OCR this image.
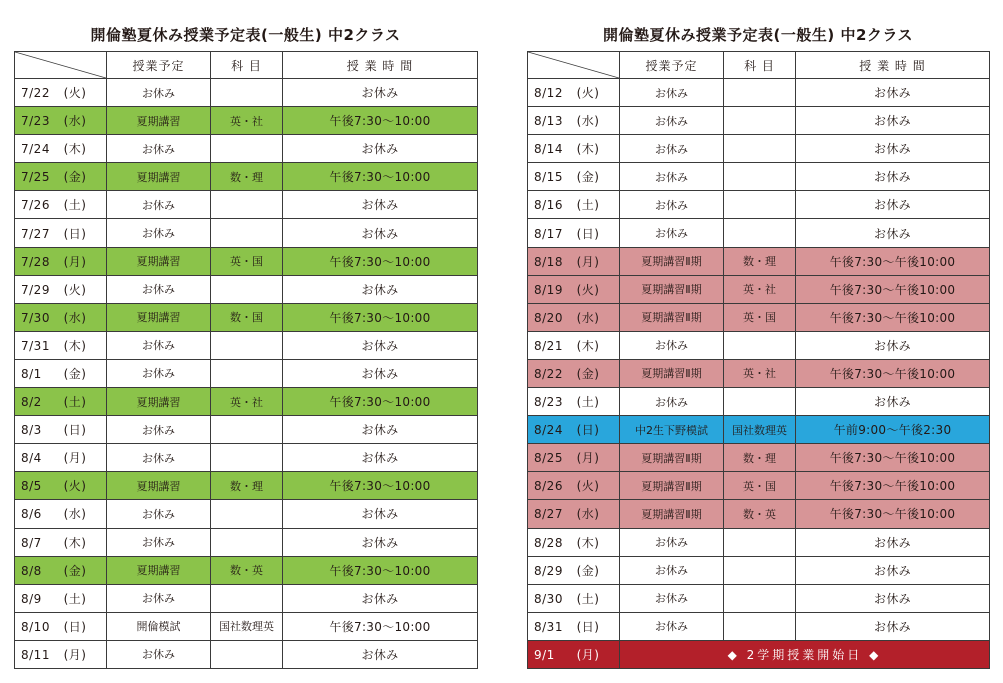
開倫塾夏休み授業予定表(一般生) 中2クラス
	授業予定	科 目	授 業 時 間
7/22 (火)	お休み		お休み
7/23 (水)	夏期講習	英・社	午後7:30〜10:00
7/24 (木)	お休み		お休み
7/25 (金)	夏期講習	数・理	午後7:30〜10:00
7/26 (土)	お休み		お休み
7/27 (日)	お休み		お休み
7/28 (月)	夏期講習	英・国	午後7:30〜10:00
7/29 (火)	お休み		お休み
7/30 (水)	夏期講習	数・国	午後7:30〜10:00
7/31 (木)	お休み		お休み
8/1 (金)	お休み		お休み
8/2 (土)	夏期講習	英・社	午後7:30〜10:00
8/3 (日)	お休み		お休み
8/4 (月)	お休み		お休み
8/5 (火)	夏期講習	数・理	午後7:30〜10:00
8/6 (水)	お休み		お休み
8/7 (木)	お休み		お休み
8/8 (金)	夏期講習	数・英	午後7:30〜10:00
8/9 (土)	お休み		お休み
8/10 (日)	開倫模試	国社数理英	午後7:30〜10:00
8/11 (月)	お休み		お休み
開倫塾夏休み授業予定表(一般生) 中2クラス
	授業予定	科 目	授 業 時 間
8/12 (火)	お休み		お休み
8/13 (水)	お休み		お休み
8/14 (木)	お休み		お休み
8/15 (金)	お休み		お休み
8/16 (土)	お休み		お休み
8/17 (日)	お休み		お休み
8/18 (月)	夏期講習Ⅱ期	数・理	午後7:30〜午後10:00
8/19 (火)	夏期講習Ⅱ期	英・社	午後7:30〜午後10:00
8/20 (水)	夏期講習Ⅱ期	英・国	午後7:30〜午後10:00
8/21 (木)	お休み		お休み
8/22 (金)	夏期講習Ⅱ期	英・社	午後7:30〜午後10:00
8/23 (土)	お休み		お休み
8/24 (日)	中2生下野模試	国社数理英	午前9:00〜午後2:30
8/25 (月)	夏期講習Ⅱ期	数・理	午後7:30〜午後10:00
8/26 (火)	夏期講習Ⅱ期	英・国	午後7:30〜午後10:00
8/27 (水)	夏期講習Ⅱ期	数・英	午後7:30〜午後10:00
8/28 (木)	お休み		お休み
8/29 (金)	お休み		お休み
8/30 (土)	お休み		お休み
8/31 (日)	お休み		お休み
9/1 (月)	◆ 2学期授業開始日 ◆		
